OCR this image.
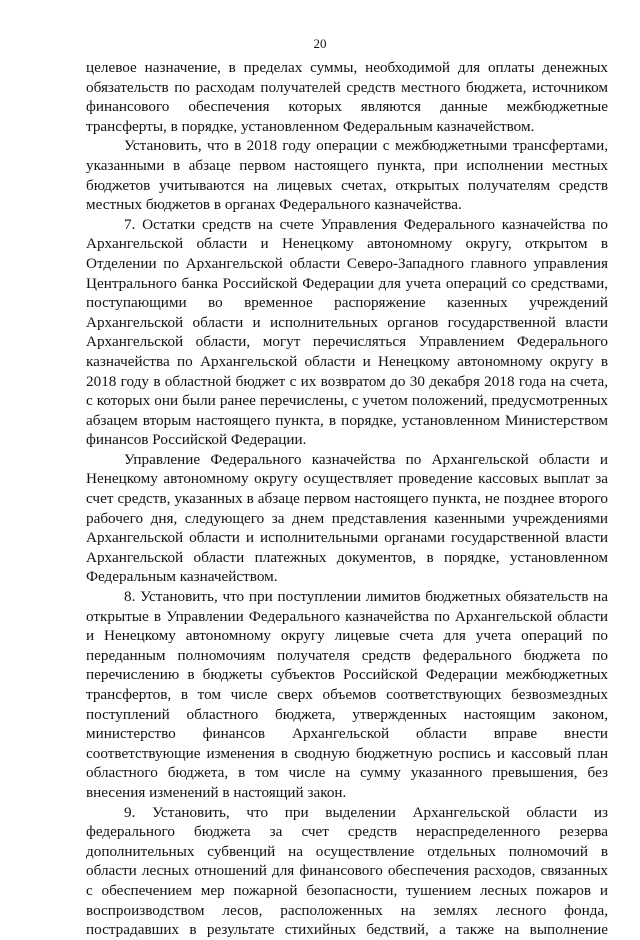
20

целевое назначение, в пределах суммы, необходимой для оплаты денежных обязательств по расходам получателей средств местного бюджета, источником финансового обеспечения которых являются данные межбюджетные трансферты, в порядке, установленном Федеральным казначейством.

Установить, что в 2018 году операции с межбюджетными трансфертами, указанными в абзаце первом настоящего пункта, при исполнении местных бюджетов учитываются на лицевых счетах, открытых получателям средств местных бюджетов в органах Федерального казначейства.

7. Остатки средств на счете Управления Федерального казначейства по Архангельской области и Ненецкому автономному округу, открытом в Отделении по Архангельской области Северо-Западного главного управления Центрального банка Российской Федерации для учета операций со средствами, поступающими во временное распоряжение казенных учреждений Архангельской области и исполнительных органов государственной власти Архангельской области, могут перечисляться Управлением Федерального казначейства по Архангельской области и Ненецкому автономному округу в 2018 году в областной бюджет с их возвратом до 30 декабря 2018 года на счета, с которых они были ранее перечислены, с учетом положений, предусмотренных абзацем вторым настоящего пункта, в порядке, установленном Министерством финансов Российской Федерации.

Управление Федерального казначейства по Архангельской области и Ненецкому автономному округу осуществляет проведение кассовых выплат за счет средств, указанных в абзаце первом настоящего пункта, не позднее второго рабочего дня, следующего за днем представления казенными учреждениями Архангельской области и исполнительными органами государственной власти Архангельской области платежных документов, в порядке, установленном Федеральным казначейством.

8. Установить, что при поступлении лимитов бюджетных обязательств на открытые в Управлении Федерального казначейства по Архангельской области и Ненецкому автономному округу лицевые счета для учета операций по переданным полномочиям получателя средств федерального бюджета по перечислению в бюджеты субъектов Российской Федерации межбюджетных трансфертов, в том числе сверх объемов соответствующих безвозмездных поступлений областного бюджета, утвержденных настоящим законом, министерство финансов Архангельской области вправе внести соответствующие изменения в сводную бюджетную роспись и кассовый план областного бюджета, в том числе на сумму указанного превышения, без внесения изменений в настоящий закон.

9. Установить, что при выделении Архангельской области из федерального бюджета за счет средств нераспределенного резерва дополнительных субвенций на осуществление отдельных полномочий в области лесных отношений для финансового обеспечения расходов, связанных с обеспечением мер пожарной безопасности, тушением лесных пожаров и воспроизводством лесов, расположенных на землях лесного фонда, пострадавших в результате стихийных бедствий, а также на выполнение
